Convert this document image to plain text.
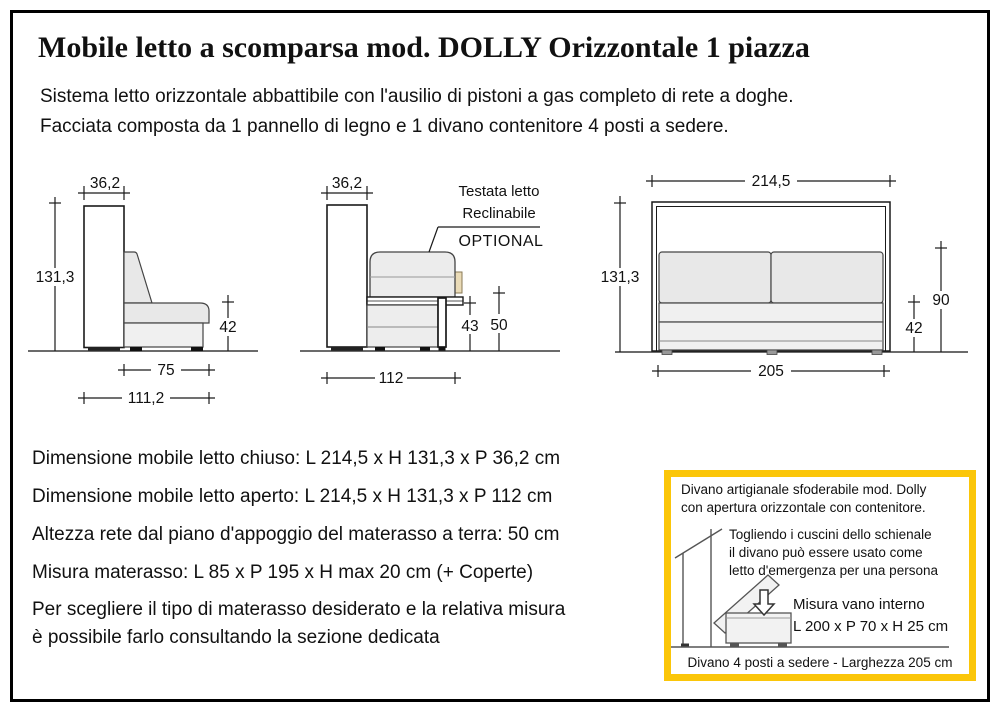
Mobile letto a scomparsa mod. DOLLY Orizzontale 1 piazza
Sistema letto orizzontale abbattibile con l'ausilio di pistoni a gas completo di rete a doghe.
Facciata composta da 1 pannello di legno e 1 divano contenitore 4 posti a sedere.
36,2
131,3
42
75
111,2
36,2	Testata letto
Reclinabile
OPTIONAL
43 50
112
214,5
131,3
90
42
205
Dimensione mobile letto chiuso: L 214,5 x H 131,3 x P 36,2 cm
Dimensione mobile letto aperto: L 214,5 x H 131,3 x P 112 cm
Altezza rete dal piano d'appoggio del materasso a terra: 50 cm
Misura materasso: L 85 x P 195 x H max 20 cm (+ Coperte)
Per scegliere il tipo di materasso desiderato e la relativa misura
è possibile farlo consultando la sezione dedicata
Divano artigianale sfoderabile mod. Dolly
con apertura orizzontale con contenitore.
Togliendo i cuscini dello schienale
il divano può essere usato come
letto d'emergenza per una persona
Misura vano interno
L 200 x P 70 x H 25 cm
Divano 4 posti a sedere - Larghezza 205 cm
